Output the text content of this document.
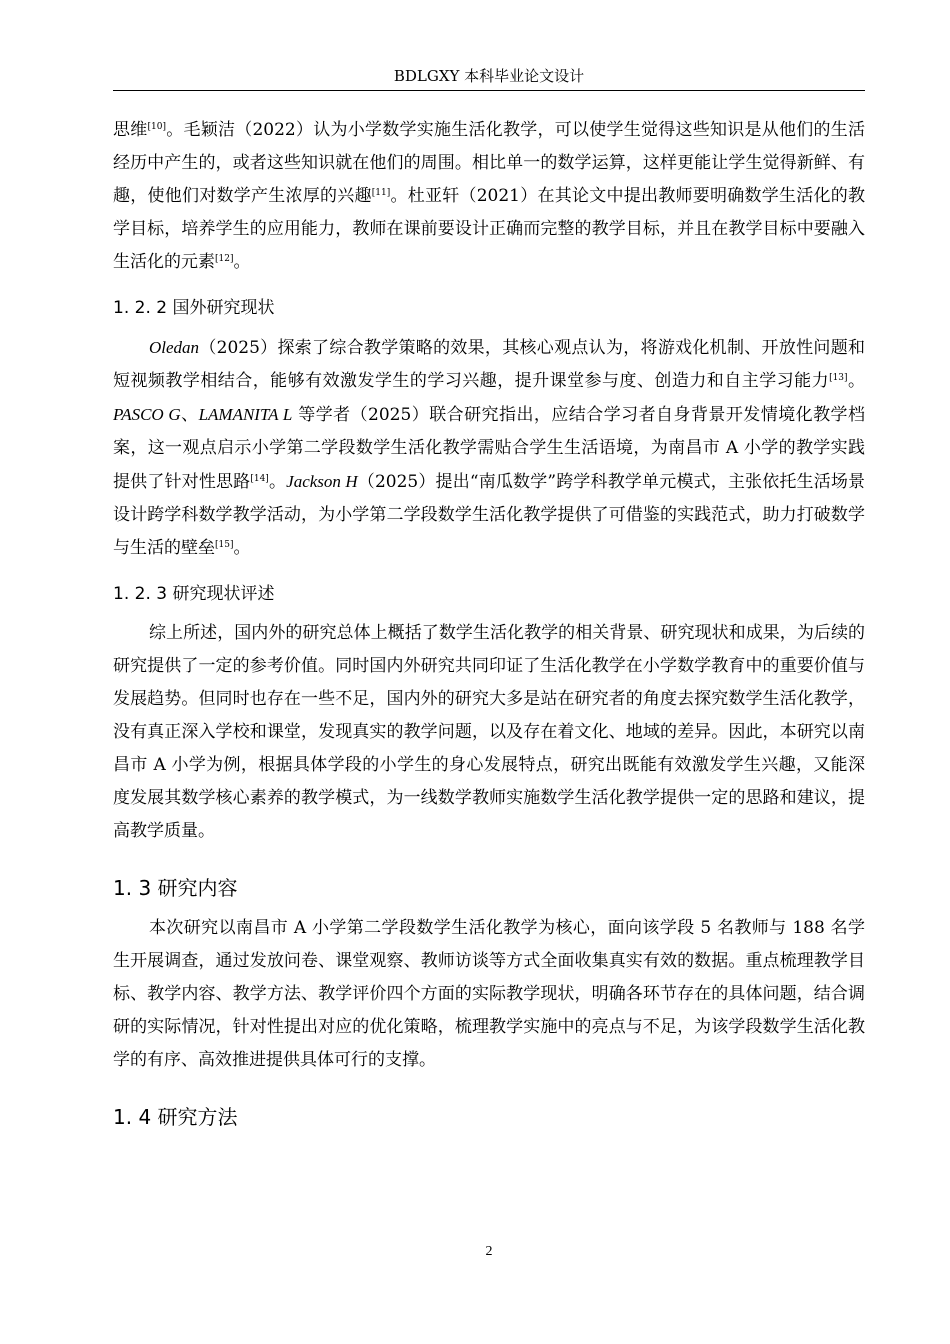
BDLGXY 本科毕业论文设计

思维[10]。毛颖洁（2022）认为小学数学实施生活化教学，可以使学生觉得这些知识是从他们的生活经历中产生的，或者这些知识就在他们的周围。相比单一的数学运算，这样更能让学生觉得新鲜、有趣，使他们对数学产生浓厚的兴趣[11]。杜亚轩（2021）在其论文中提出教师要明确数学生活化的教学目标，培养学生的应用能力，教师在课前要设计正确而完整的教学目标，并且在教学目标中要融入生活化的元素[12]。

1. 2. 2 国外研究现状

Oledan（2025）探索了综合教学策略的效果，其核心观点认为，将游戏化机制、开放性问题和短视频教学相结合，能够有效激发学生的学习兴趣，提升课堂参与度、创造力和自主学习能力[13]。PASCO G、LAMANITA L 等学者（2025）联合研究指出，应结合学习者自身背景开发情境化教学档案，这一观点启示小学第二学段数学生活化教学需贴合学生生活语境，为南昌市 A 小学的教学实践提供了针对性思路[14]。Jackson H（2025）提出“南瓜数学”跨学科教学单元模式，主张依托生活场景设计跨学科数学教学活动，为小学第二学段数学生活化教学提供了可借鉴的实践范式，助力打破数学与生活的壁垒[15]。

1. 2. 3 研究现状评述

综上所述，国内外的研究总体上概括了数学生活化教学的相关背景、研究现状和成果，为后续的研究提供了一定的参考价值。同时国内外研究共同印证了生活化教学在小学数学教育中的重要价值与发展趋势。但同时也存在一些不足，国内外的研究大多是站在研究者的角度去探究数学生活化教学，没有真正深入学校和课堂，发现真实的教学问题，以及存在着文化、地域的差异。因此，本研究以南昌市 A 小学为例，根据具体学段的小学生的身心发展特点，研究出既能有效激发学生兴趣，又能深度发展其数学核心素养的教学模式，为一线数学教师实施数学生活化教学提供一定的思路和建议，提高教学质量。

1. 3 研究内容

本次研究以南昌市 A 小学第二学段数学生活化教学为核心，面向该学段 5 名教师与 188 名学生开展调查，通过发放问卷、课堂观察、教师访谈等方式全面收集真实有效的数据。重点梳理教学目标、教学内容、教学方法、教学评价四个方面的实际教学现状，明确各环节存在的具体问题，结合调研的实际情况，针对性提出对应的优化策略，梳理教学实施中的亮点与不足，为该学段数学生活化教学的有序、高效推进提供具体可行的支撑。

1. 4 研究方法
2
